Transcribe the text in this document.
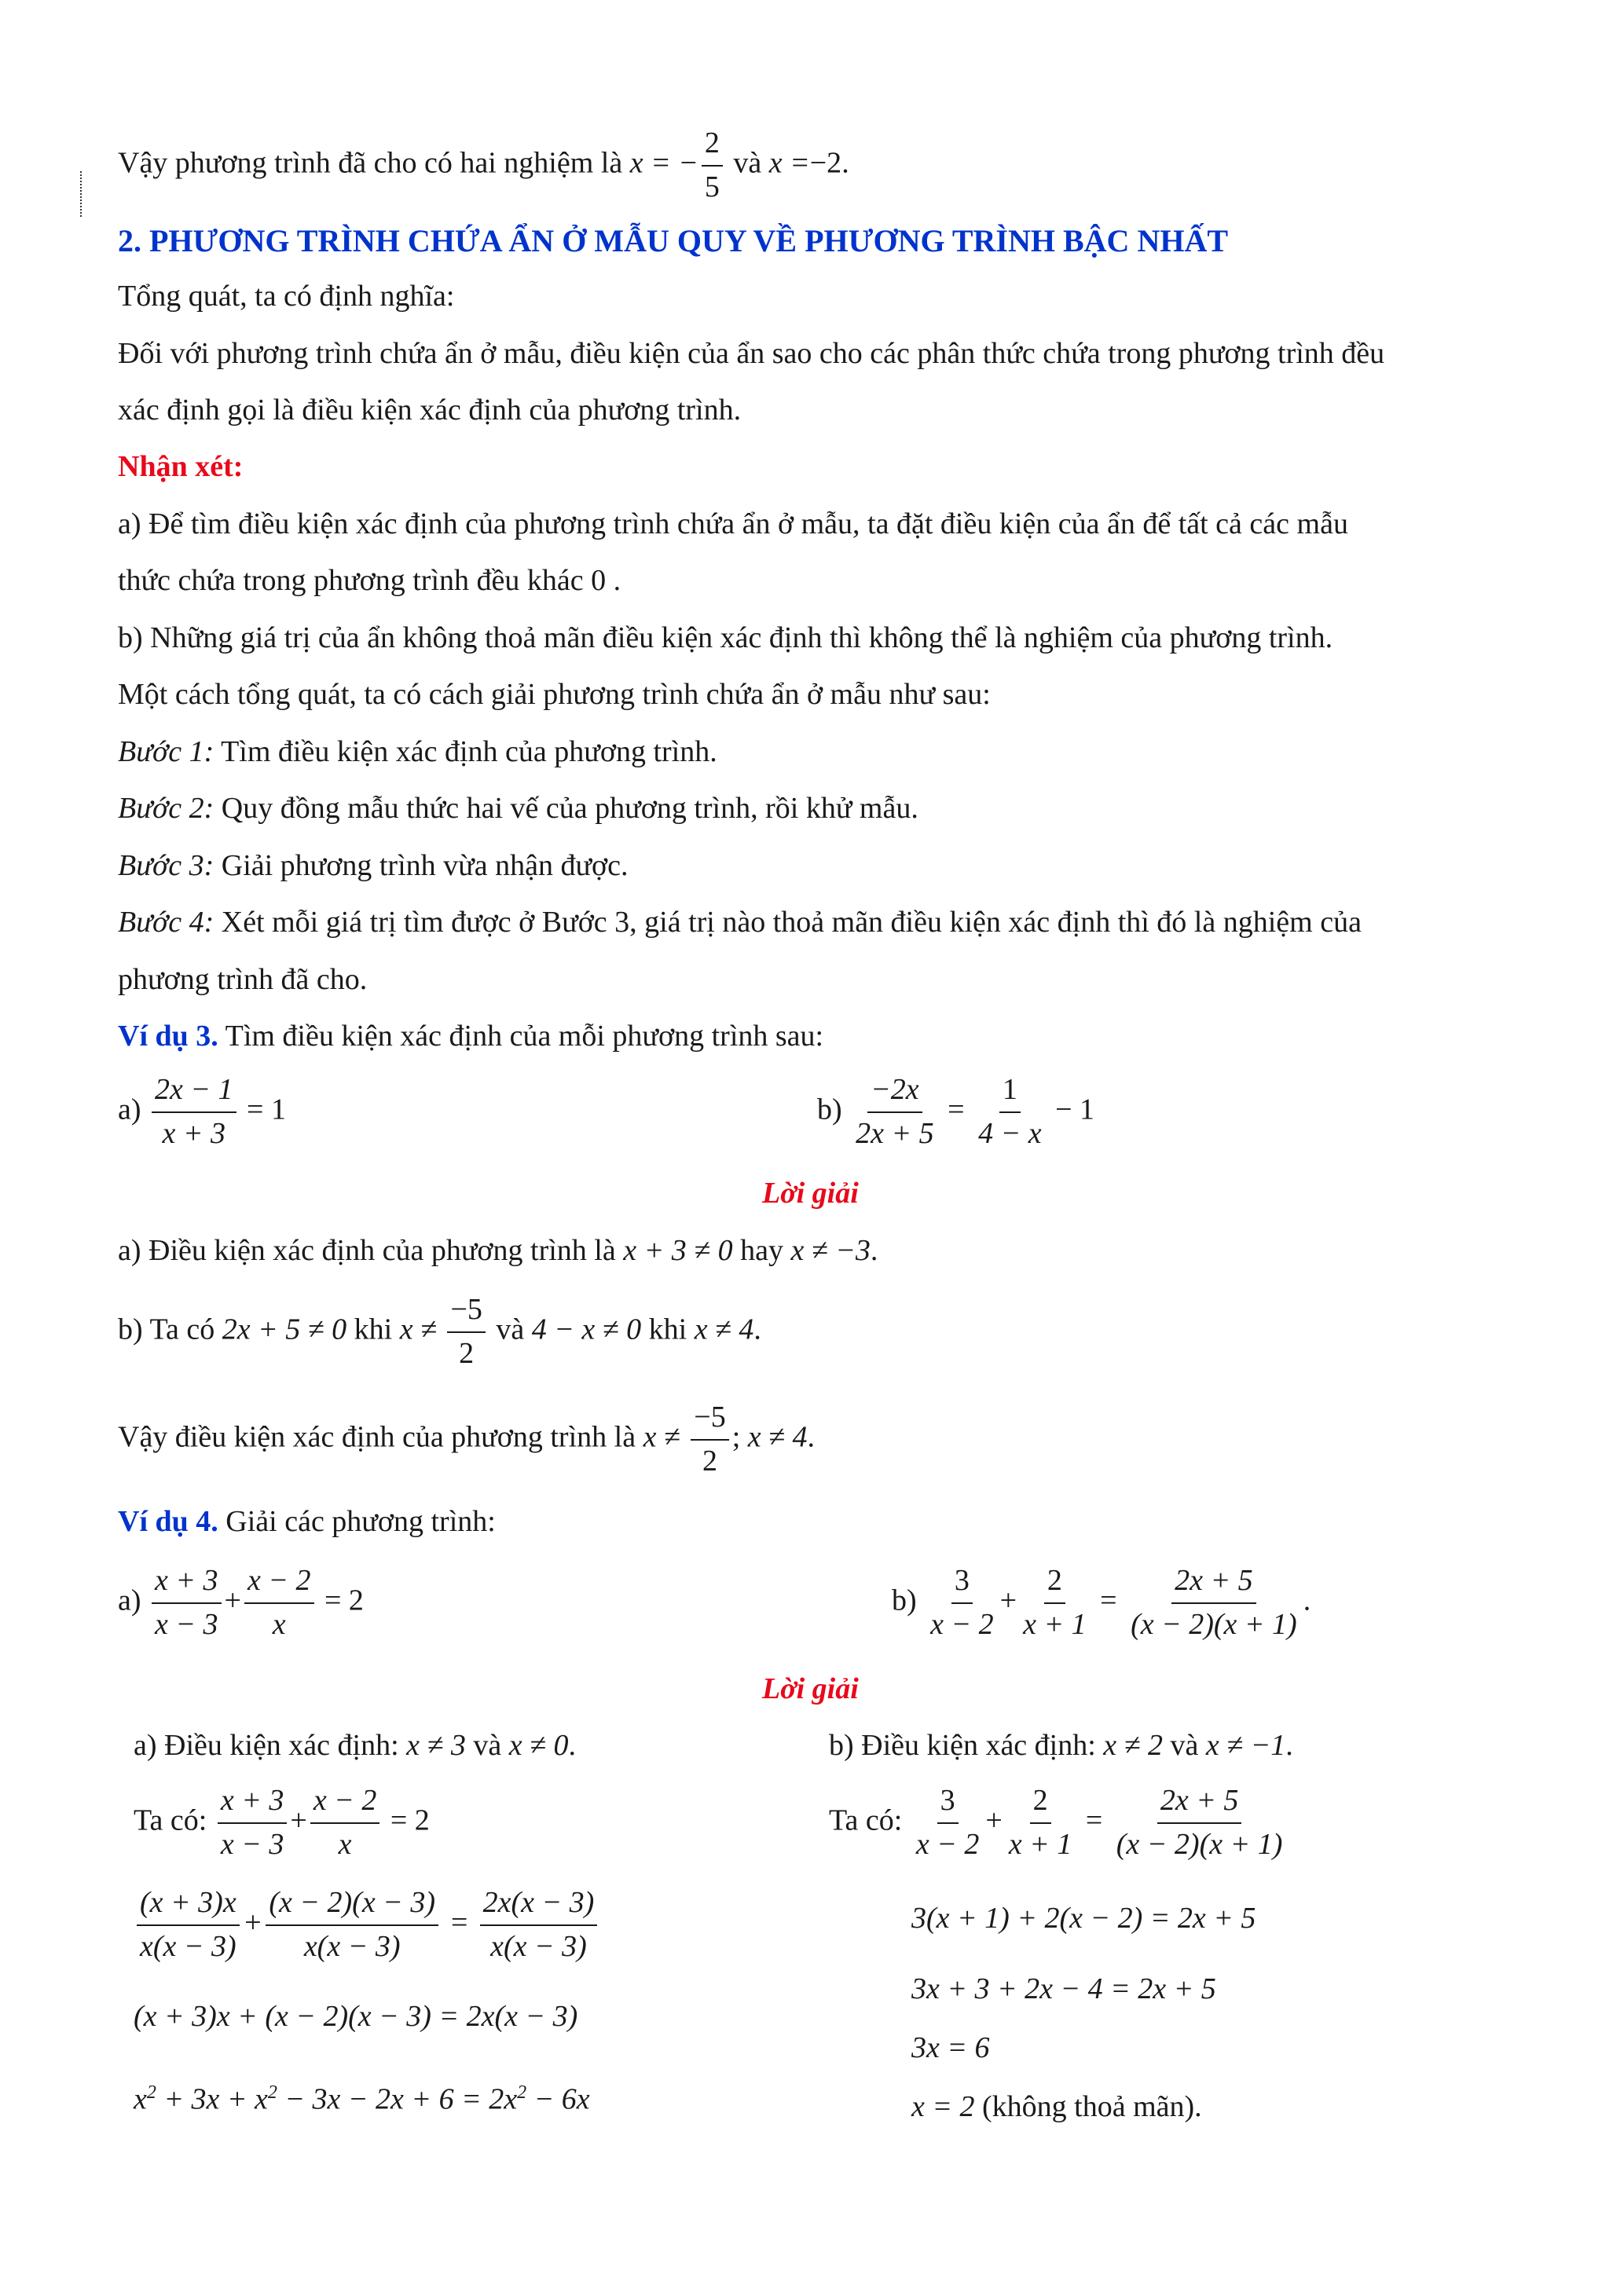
Vậy phương trình đã cho có hai nghiệm là x = − $\frac{2}{5}$ và x =−2.
2. PHƯƠNG TRÌNH CHỨA ẨN Ở MẪU QUY VỀ PHƯƠNG TRÌNH BẬC NHẤT
Tổng quát, ta có định nghĩa:
Đối với phương trình chứa ẩn ở mẫu, điều kiện của ẩn sao cho các phân thức chứa trong phương trình đều
xác định gọi là điều kiện xác định của phương trình.
Nhận xét:
a) Để tìm điều kiện xác định của phương trình chứa ẩn ở mẫu, ta đặt điều kiện của ẩn để tất cả các mẫu
thức chứa trong phương trình đều khác 0 .
b) Những giá trị của ẩn không thoả mãn điều kiện xác định thì không thể là nghiệm của phương trình.
Một cách tổng quát, ta có cách giải phương trình chứa ẩn ở mẫu như sau:
Bước 1: Tìm điều kiện xác định của phương trình.
Bước 2: Quy đồng mẫu thức hai vế của phương trình, rồi khử mẫu.
Bước 3: Giải phương trình vừa nhận được.
Bước 4: Xét mỗi giá trị tìm được ở Bước 3, giá trị nào thoả mãn điều kiện xác định thì đó là nghiệm của
phương trình đã cho.
Ví dụ 3. Tìm điều kiện xác định của mỗi phương trình sau:
$a) \frac{2x - 1}{x + 3} = 1$	$b) \frac{-2x}{2x + 5} = \frac{1}{4 - x} - 1$
Lời giải
a) Điều kiện xác định của phương trình là x + 3 ≠ 0 hay x ≠ −3.
b) Ta có 2x + 5 ≠ 0 khi $x \ne \frac{-5}{2}$ và 4 − x ≠ 0 khi x ≠ 4.
Vậy điều kiện xác định của phương trình là $x \ne \frac{-5}{2}$ ; x ≠ 4.
Ví dụ 4. Giải các phương trình:
$a) \frac{x + 3}{x - 3} + \frac{x - 2}{x} = 2$	$b) \frac{3}{x - 2} + \frac{2}{x + 1} = \frac{2x + 5}{(x - 2)(x + 1)}$ .
Lời giải
a) Điều kiện xác định: x ≠ 3 và x ≠ 0.
Ta có: $\frac{x + 3}{x - 3} + \frac{x - 2}{x} = 2$
$\frac{(x + 3)x}{x(x - 3)} + \frac{(x - 2)(x - 3)}{x(x - 3)} = \frac{2x(x - 3)}{x(x - 3)}$
(x + 3)x + (x − 2)(x − 3) = 2x(x − 3)
$x^2 + 3x + x^2 - 3x - 2x + 6 = 2x^2 - 6x$
b) Điều kiện xác định: x ≠ 2 và x ≠ −1.
Ta có: $\frac{3}{x - 2} + \frac{2}{x + 1} = \frac{2x + 5}{(x - 2)(x + 1)}$
3(x + 1) + 2(x − 2) = 2x + 5
3x + 3 + 2x − 4 = 2x + 5
3x = 6
x = 2 (không thoả mãn).
